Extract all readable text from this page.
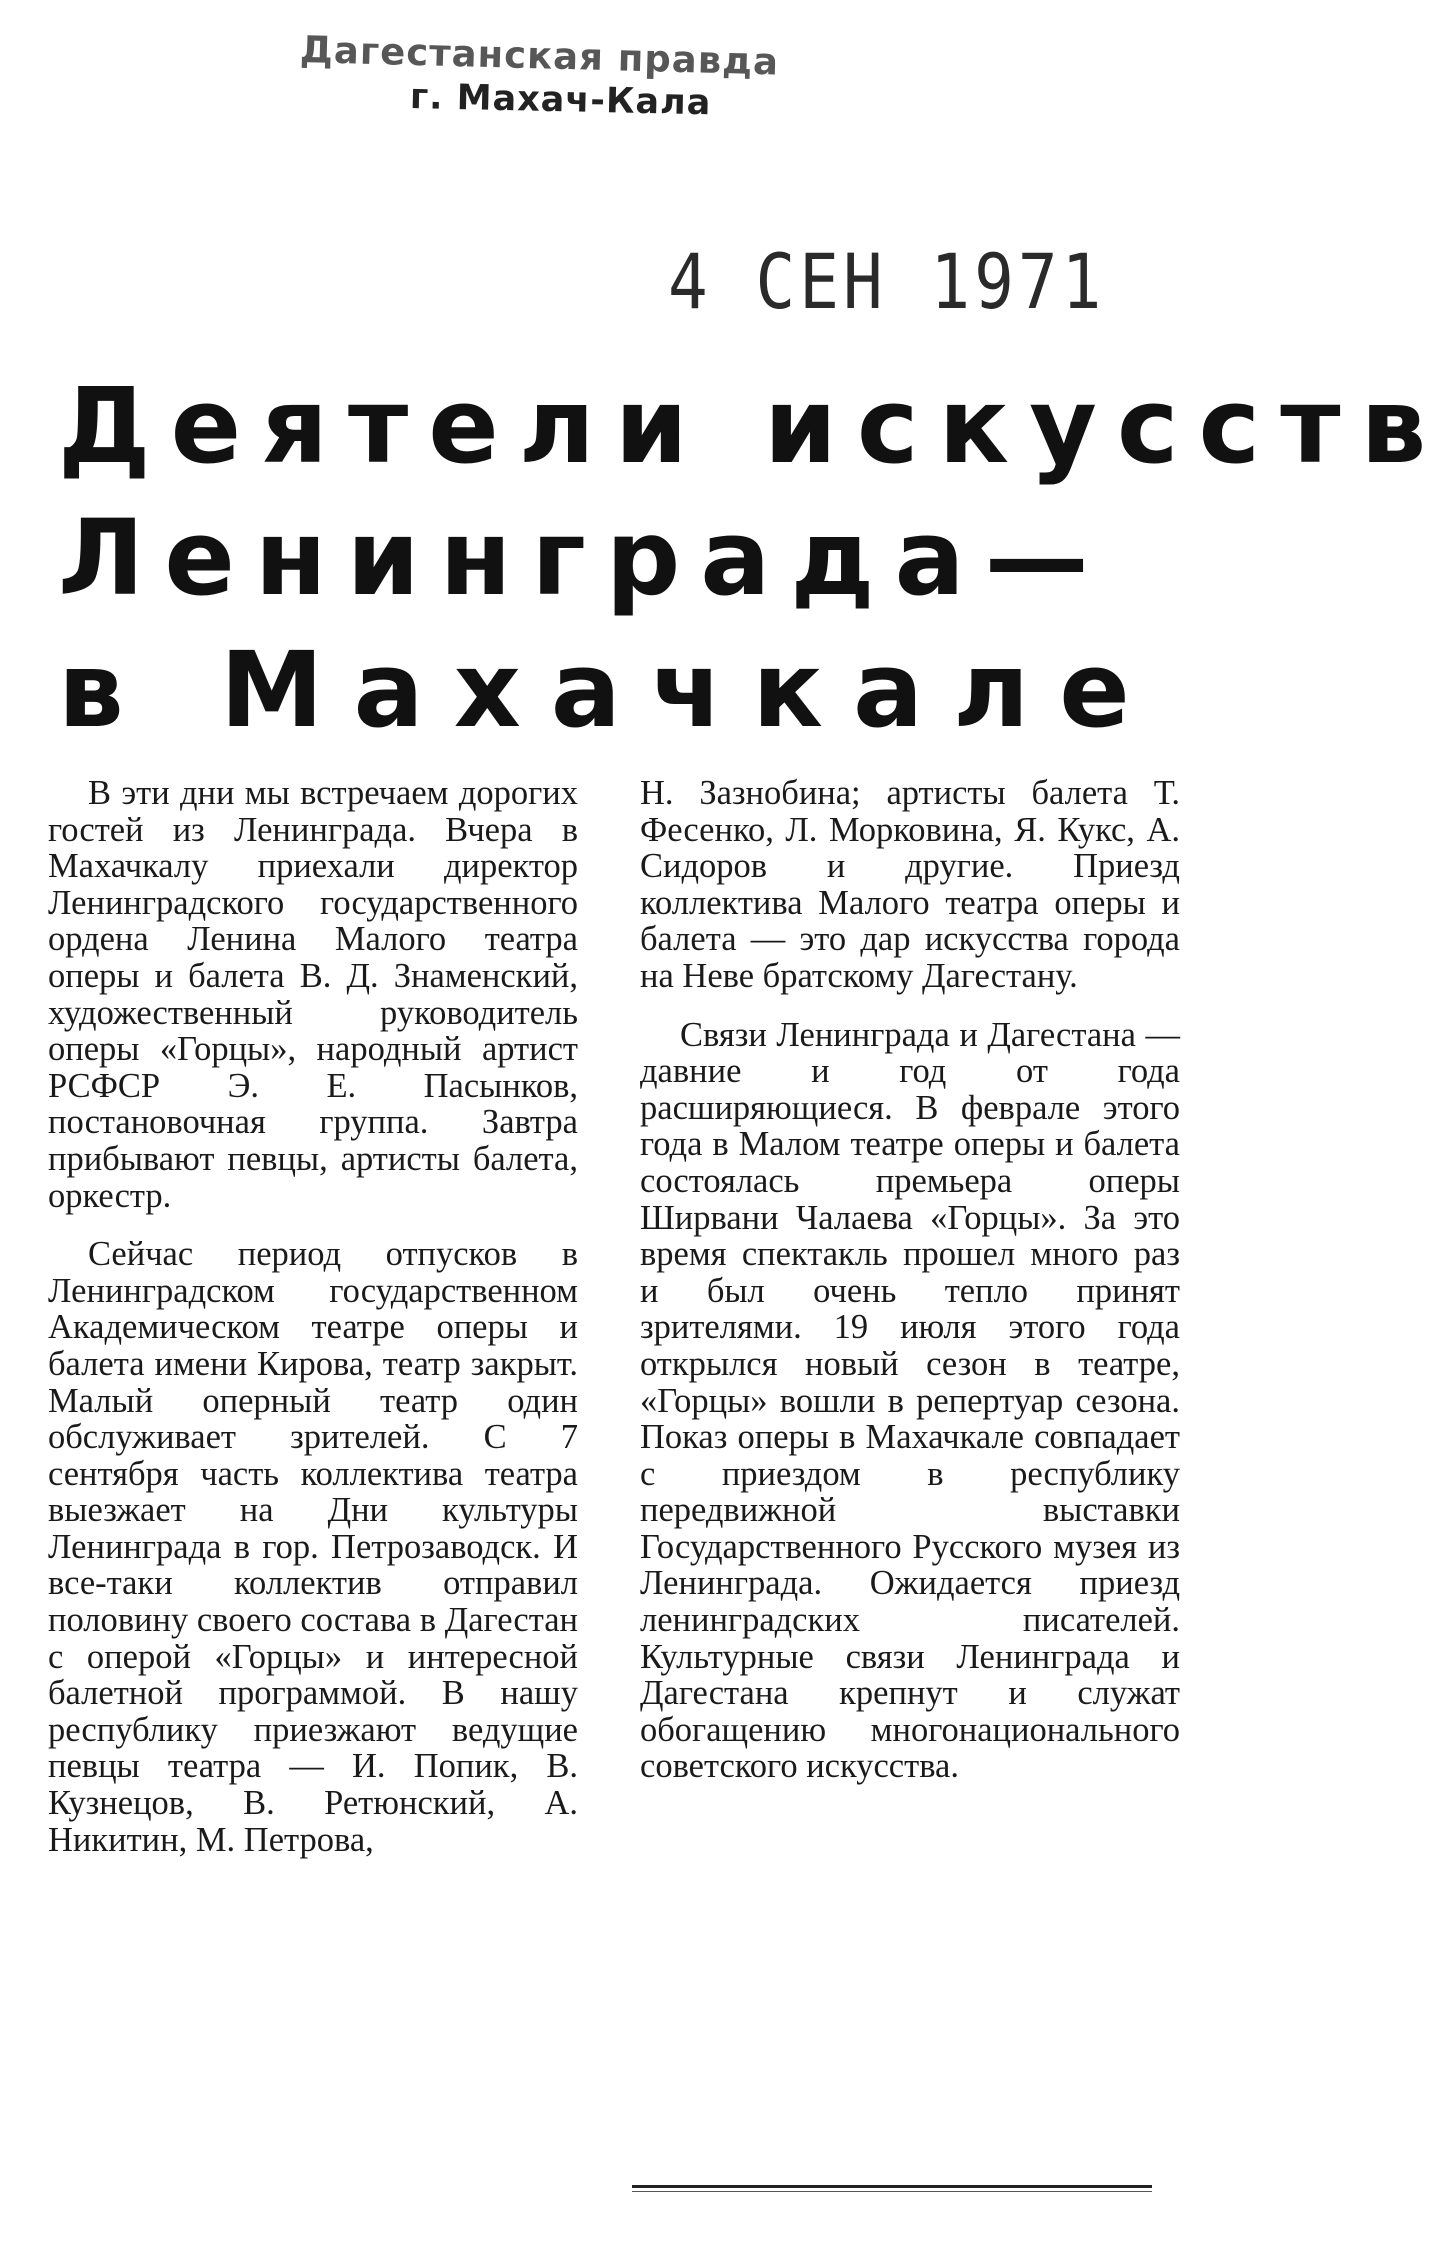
Дагестанская правда
г. Махач-Кала
4 СЕН 1971
Деятели искусств
Ленинграда—
в Махачкале

В эти дни мы встречаем дорогих гостей из Ленинграда. Вчера в Махачкалу приехали директор Ленинградского государственного ордена Ленина Малого театра оперы и балета В. Д. Знаменский, художественный руководитель оперы «Горцы», народный артист РСФСР Э. Е. Пасынков, постановочная группа. Завтра прибывают певцы, артисты балета, оркестр.

Сейчас период отпусков в Ленинградском государственном Академическом театре оперы и балета имени Кирова, театр закрыт. Малый оперный театр один обслуживает зрителей. С 7 сентября часть коллектива театра выезжает на Дни культуры Ленинграда в гор. Петрозаводск. И все-таки коллектив отправил половину своего состава в Дагестан с оперой «Горцы» и интересной балетной программой. В нашу республику приезжают ведущие певцы театра — И. Попик, В. Кузнецов, В. Ретюнский, А. Никитин, М. Петрова,

Н. Зазнобина; артисты балета Т. Фесенко, Л. Морковина, Я. Кукс, А. Сидоров и другие. Приезд коллектива Малого театра оперы и балета — это дар искусства города на Неве братскому Дагестану.

Связи Ленинграда и Дагестана — давние и год от года расширяющиеся. В феврале этого года в Малом театре оперы и балета состоялась премьера оперы Ширвани Чалаева «Горцы». За это время спектакль прошел много раз и был очень тепло принят зрителями. 19 июля этого года открылся новый сезон в театре, «Горцы» вошли в репертуар сезона. Показ оперы в Махачкале совпадает с приездом в республику передвижной выставки Государственного Русского музея из Ленинграда. Ожидается приезд ленинградских писателей. Культурные связи Ленинграда и Дагестана крепнут и служат обогащению многонационального советского искусства.
